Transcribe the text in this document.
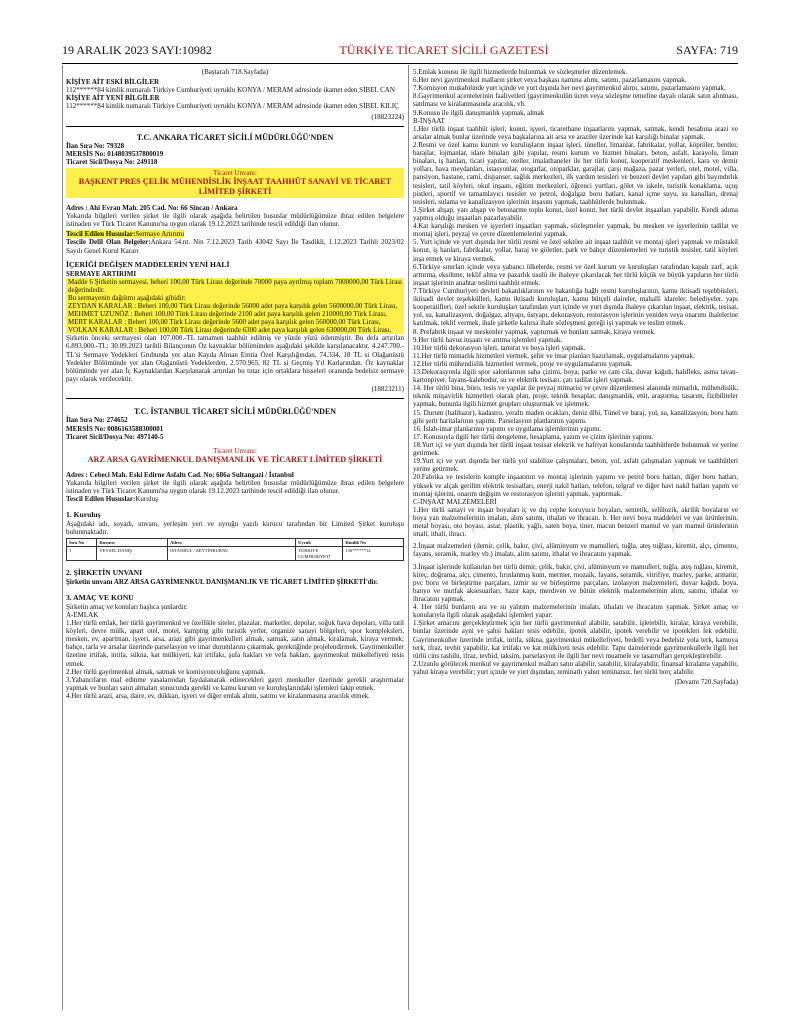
19 ARALIK 2023 SAYI:10982	TÜRKİYE TİCARET SİCİLİ GAZETESİ	SAYFA: 719

(Baştarafı 718.Sayfada)

KİŞİYE AİT ESKİ BİLGİLER

112******84 kimlik numaralı Türkiye Cumhuriyeti uyruklu KONYA / MERAM adresinde ikamet eden SİBEL CAN

KİŞİYE AİT YENİ BİLGİLER

112******84 kimlik numaralı Türkiye Cumhuriyeti uyruklu KONYA / MERAM adresinde ikamet eden SİBEL KILIÇ

(18823224)

T.C. ANKARA TİCARET SİCİLİ MÜDÜRLÜĞÜ'NDEN

İlan Sıra No: 79328

MERSİS No: 0148039537800019

Ticaret Sicil/Dosya No: 249118

Ticaret Unvanı:

BAŞKENT PRES ÇELİK MÜHENDİSLİK İNŞAAT TAAHHÜT SANAYİ VE TİCARET LİMİTED ŞİRKETİ

Adres : Ahi Evran Mah. 205 Cad. No: 66 Sincan / Ankara

Yukarıda bilgileri verilen şirket ile ilgili olarak aşağıda belirtilen hususlar müdürlüğümüze ibraz edilen belgelere istinaden ve Türk Ticaret Kanunu'na uygun olarak 19.12.2023 tarihinde tescil edildiği ilan olunur.

Tescil Edilen Hususlar:Sermaye Artırımı

Tescile Delil Olan Belgeler:Ankara 54.nt. Nin 7.12.2023 Tarih 43042 Sayı İle Tasdikli, 1.12.2023 Tarihli 2023/02 Sayılı Genel Kurul Kararı

İÇERİĞİ DEĞİŞEN MADDELERİN YENİ HALİ

SERMAYE ARTIRIMI

Madde 6 Şirketin sermayesi, beheri 100,00 Türk Lirası değerinde 70000 paya ayrılmış toplam 7000000,00 Türk Lirası değerindedir.

Bu sermayenin dağılımı aşağıdaki gibidir:

ZEYDAN KARALAR : Beheri 100,00 Türk Lirası değerinde 56000 adet paya karşılık gelen 5600000,00 Türk Lirası,

MEHMET UZUNÖZ : Beheri 100,00 Türk Lirası değerinde 2100 adet paya karşılık gelen 210000,00 Türk Lirası,

MERT KARALAR : Beheri 100,00 Türk Lirası değerinde 5600 adet paya karşılık gelen 560000,00 Türk Lirası,

VOLKAN KARALAR : Beheri 100,00 Türk Lirası değerinde 6300 adet paya karşılık gelen 630000,00 Türk Lirası,

Şirketin önceki sermayesi olan 107.000.-TL tamamen taahhüt edilmiş ve yüzde yüzü ödenmiştir. Bu defa artırılan 6.893.000.-TL; 30.09.2023 tarihli Bilançonun Öz kaynaklar bölümünden aşağıdaki şekilde karşılanacaktır. 4.247.700.-TL'si Sermaye Yedekleri Grubunda yer alan Kayda Alınan Emtia Özel Karşılığından, 74.334, 18 TL si Olağanüstü Yedekler Bölümünde yer alan Olağanüstü Yedeklerden, 2.570.965, 82 TL si Geçmiş Yıl Karlarından. Öz kaynaklar bölümünde yer alan İç Kaynaklardan Karşılanarak artırılan bu tutar için ortaklara hisseleri oranında bedelsiz sermaye payı olarak verilecektir.

(18823211)

T.C. İSTANBUL TİCARET SİCİLİ MÜDÜRLÜĞÜ'NDEN

İlan Sıra No: 274652

MERSİS No: 0086163588300001

Ticaret Sicil/Dosya No: 497140-5

Ticaret Unvanı:

ARZ ARSA GAYRİMENKUL DANIŞMANLIK VE TİCARET LİMİTED ŞİRKETİ

Adres : Cebeci Mah. Eski Edirne Asfaltı Cad. No: 686a Sultangazi / İstanbul

Yukarıda bilgileri verilen şirket ile ilgili olarak aşağıda belirtilen hususlar müdürlüğümüze ibraz edilen belgelere istinaden ve Türk Ticaret Kanunu'na uygun olarak 19.12.2023 tarihinde tescil edildiği ilan olunur.

Tescil Edilen Hususlar:Kuruluş

1. Kuruluş

Aşağıdaki adı, soyadı, unvanı, yerleşim yeri ve uyruğu yazılı kurucu tarafından bir Limited Şirket kuruluşu bulunmaktadır.

Sıra No	Kurucu	Adres	Uyruk	Kimlik No
1	VEYSEL DANIŞ	İSTANBUL / ZEYTİNBURNU	TÜRKİYE CUMHURİYETİ	136******12

2. ŞİRKETİN UNVANI

Şirketin unvanı ARZ ARSA GAYRİMENKUL DANIŞMANLIK VE TİCARET LİMİTED ŞİRKETİ'dir.

3. AMAÇ VE KONU

Şirketin amaç ve konuları başlıca şunlardır:

A-EMLAK

1.Her türlü emlak, her türlü gayrimenkul ve özellikle siteler, plazalar, marketler, depolar, soğuk hava depoları, villa tatil köyleri, devre mülk, apart otel, motel, kamping gibi turistik yerler, organize sanayi bölgeleri, spor kompleksleri, mesken, ev, apartman, işyeri, arsa, arazi gibi gayrimenkulleri almak, satmak, satın almak, kiralamak, kiraya vermek; bahçe, tarla ve arsalar üzerinde parselasyon ve imar durumlarını çıkarmak, gerektiğinde projelendirmek. Gayrimenkuller üzerine irtifak, intifa, sükna, kat mülkiyeti, kat irtifakı, şufa hakları ve vefa hakları, gayrimenkul mükellefiyeti tesis etmek.

2.Her türlü gayrimenkul almak, satmak ve komisyonculuğunu yapmak.

3.Yabancıların mal edinme yasalarından faydalanarak edinecekleri gayri menkuller üzerinde gerekli araştırmalar yapmak ve bunları satın almaları sonucunda gerekli ve kamu kurum ve kuruluşlarındaki işlemleri takip etmek.

4.Her türlü arazi, arsa, daire, ev, dükkan, işyeri ve diğer emlak alımı, satımı ve kiralanmasına aracılık etmek.

5.Emlak konusu ile ilgili hizmetlerde bulunmak ve sözleşmeler düzenlemek.

6.Her nevi gayrimenkul malların şirket veya başkası namına alımı, satımı, pazarlamasını yapmak.

7.Komisyon mukabilinde yurt içinde ve yurt dışında her nevi gayrimenkul alımı, satımı, pazarlamasını yapmak.

8.Gayrimenkul acentelerinin faaliyetleri (gayrimenkulün ücret veya sözleşme temeline dayalı olarak satın alınması, satılması ve kiralanmasında aracılık, vb.

9.Konusu ile ilgili danışmanlık yapmak, almak

B-İNŞAAT

1.Her türlü inşaat taahhüt işleri; konut, işyeri, ticarethane inşaatlarını yapmak, satmak, kendi hesabına arazi ve arsalar almak bunlar üzerinde veya başkalarına ait arsa ve araziler üzerinde kat karşılığı binalar yapmak.

2.Resmi ve özel kamu kurum ve kuruluşların inşaat işleri, tüneller, limanlar, fabrikalar, yollar, köprüler, bentler, barajlar, lojmanlar, idare binaları gibi yapılar, resmi kurum ve hizmet binaları, beton, asfalt, karayolu, liman binaları, iş hanları, ticari yapılar, oteller, imalathaneler ile her türlü konut, kooperatif meskenleri, kara ve demir yolları, hava meydanları, istasyonlar, otogarlar, otoparklar, garajlar, çarşı mağaza, pazar yerleri, otel, motel, villa, pansiyon, hastane, cami, dispanser, sağlık merkezleri, ilk yardım tesisleri ve benzeri devlet yapıları gibi bayındırlık tesisleri, tatil köyleri, okul inşaatı, eğitim merkezleri, öğrenci yurtları, gölet ve iskele, turistik konaklama, uçuş pistleri, sportif ve tamamlayıcı tesisler ve petrol, doğalgaz boru hatları, kanal içme suyu, su kanalları, drenaj tesisleri, sulama ve kanalizasyon işlerinin inşasını yapmak, taahhütlerde bulunmak.

3.Şirket ahşap, yarı ahşap ve betonarme toplu konut, özel konut, her türlü devlet inşaatları yapabilir. Kendi adıma yapmış olduğu inşaatları pazarlayabilir.

4.Kat karşılığı mesken ve işyerleri inşaatları yapmak, sözleşmeler yapmak, bu mesken ve işyerlerinin tadilat ve montaj işleri, peyzaj ve çevre düzenlemelerini yapmak.

5. Yurt içinde ve yurt dışında her türlü resmi ve özel sektöre ait inşaat taahhüt ve montaj işleri yapmak ve müstakil konut, iş hanları, fabrikalar, yollar, baraj ve göletler, park ve bahçe düzenlemeleri ve turistik tesisler, tatil köyleri inşa etmek ve kiraya vermek.

6.Türkiye sınırları içinde veya yabancı ülkelerde, resmi ve özel kurum ve kuruluşları tarafından kapalı zarf, açık arttırma, eksiltme, teklif alma ve pazarlık usulü ile ihaleye çıkarılacak her türlü küçük ve büyük yapıların her türlü inşaat işlerinin anahtar teslimi taahhüt etmek.

7.Türkiye Cumhuriyeti devleti bakanlıklarının ve bakanlığa bağlı resmi kuruluşlarının, kamu iktisadi teşebbüsleri, iktisadi devlet teşekkülleri, kamu iktisadi kuruluşları, kamu bütçeli daireler, mahalli idareler, belediyeler, yapı kooperatifleri, özel sektör kuruluşları tarafından yurt içinde ve yurt dışında ihaleye çıkarılan inşaat, elektrik, tesisat, yol, su, kanalizasyon, doğalgaz, altyapı, üstyapı, dekorasyon, restorasyon işlerinin yeniden veya onarımı ihalelerine katılmak, teklif vermek, ihale şirketle kalırsa ihale sözleşmesi gereği işi yapmak ve teslim etmek.

8. Prefabrik inşaat ve meskenler yapmak, yaptırmak ve bunları satmak, kiraya vermek.

9.Her türlü havuz inşaatı ve arıtma işlemleri yapmak.

10.Her türlü dekorasyon işleri, tamirat ve boya işleri yapmak.

11.Her türlü mimarlık hizmetleri vermek, şehir ve imar planları hazırlamak, uygulamalarını yapmak.

12.Her türlü mühendislik hizmetleri vermek, proje ve uygulamalarını yapmak.

13.Dekorasyonla ilgili spor salonlarının saha çizimi, boya, parke ve cam cila, duvar kağıdı, halıfleks, asma tavan-kartonpiyer, fayans-kalebodur, su ve elektrik tesisatı, çatı tadilat işleri yapmak.

14. Her türlü bina, büro, tesis ve yapılar ile peyzaj mimarisi ve çevre düzenlemesi alanında mimarlık, mühendislik, teknik müşavirlik hizmetleri olarak plan, proje, teknik hesaplar, danışmanlık, etüt, araştırma, tasarım, fizibiliteler yapmak, bununla ilgili hizmet grupları oluşturmak ve işletmek.

15. Durum (halihazır), kadastro, yeraltı maden ocakları, deniz dibi, Tünel ve baraj, yol, su, kanalizasyon, boru hattı gibi şerit haritalarının yapımı. Parselasyon planlarının yapımı.

16. İslah-imar planlarının yapımı ve uygulama işlemlerinin yapımı.

17. Konusuyla ilgili her türlü dengeleme, hesaplama, yazım ve çizim işlerinin yapımı.

18.Yurt içi ve yurt dışında her türlü inşaat tesisat elektrik ve hafriyat konularında taahhütlerde bulunmak ve yerine getirmek.

19.Yurt içi ve yurt dışında her türlü yol stabilize çalışmaları, beton, yol, asfalt çalışmaları yapmak ve taahhütleri yerine getirmek.

20.Fabrika ve tesislerin komple inşaatının ve montaj işlerinin yapımı ve petrol boru hatları, diğer boru hatları, yüksek ve alçak gerilim elektrik tesisatları, enerji nakil hatları, telefon, telgraf ve diğer havi nakil hatları yapım ve montaj işlerini, onarım değişim ve restorasyon işlerini yapmak, yaptırmak.

C-İNŞAAT MALZEMELERİ

1.Her türlü sanayi ve inşaat boyaları iç ve dış cephe koruyucu boyaları, sentetik, selülozik, akrilik boyaların ve boya yan malzemelerinin imalatı, alım satımı, ithalatı ve ihracatı. b. Her nevi boya maddeleri ve yan ürünlerinin, metal boyası, oto boyası, astar, plastik, yağlı, saten boya, tiner, macun benzeri mamul ve yarı mamul ürünlerinin imali, ithali, ihracı.

2.İnşaat malzemeleri (demir, çelik, bakır, çivi, alüminyum ve mamulleri, tuğla, ateş tuğlası, kiremit, alçı, çimento, fayans, seramik, marley vb.) imalatı, alım satımı, ithalat ve ihracatını yapmak.

3.İnşaat işlerinde kullanılan her türlü demir, çelik, bakır, çivi, alüminyum ve mamulleri, tuğla, ateş tuğlası, kiremit, kireç, doğrama, alçı, çimento, fırınlanmış kum, mermer, mozaik, fayans, seramik, vitrifiye, marley, parke, armatür, pvc boru ve birleştirme parçaları, izmir su ve birleştirme parçaları, izolasyon malzemeleri, duvar kağıdı, boya, banyo ve mutfak aksesuarları, hazır kapı, merdiven ve bütün elektrik malzemelerinin alım, satımı, ithalat ve ihracatını yapmak.

4. Her türlü bunların ara ve su yalıtım malzemelerinin imalatı, ithalatı ve ihracatını yapmak. Şirket amaç ve konularıyla ilgili olarak aşağıdaki işlemleri yapar:

1.Şirket amacını gerçekleştirmek için her türlü gayrimenkul alabilir, satabilir, işletebilir, kiralar, kiraya verebilir, bunlar üzerinde ayni ve şahsi hakları tesis edebilir, ipotek alabilir, ipotek verebilir ve ipotekleri fek edebilir. Gayrimenkuller üzerinde irtifak, intifa, sükna, gayrimenkul mükellefiyeti, bedelli veya bedelsiz yola terk, kamuya terk, ifraz, tevhit yapabilir, kat irtifakı ve kat mülkiyeti tesis edebilir. Tapu dairelerinde gayrimenkullerle ilgili her türlü cins tashihi, ifraz, tevhid, taksim, parselasyon ile ilgili her nevi muamele ve tasarrufları gerçekleştirebilir.

2.Uzunlu görülecek menkul ve gayrimenkul malları satın alabilir, satabilir, kiralayabilir, finansal kiralama yapabilir, yahut kiraya verebilir; yurt içinde ve yurt dışından, teminatlı yahut teminatsız, her türlü borç alabilir.

(Devamı 720.Sayfada)
